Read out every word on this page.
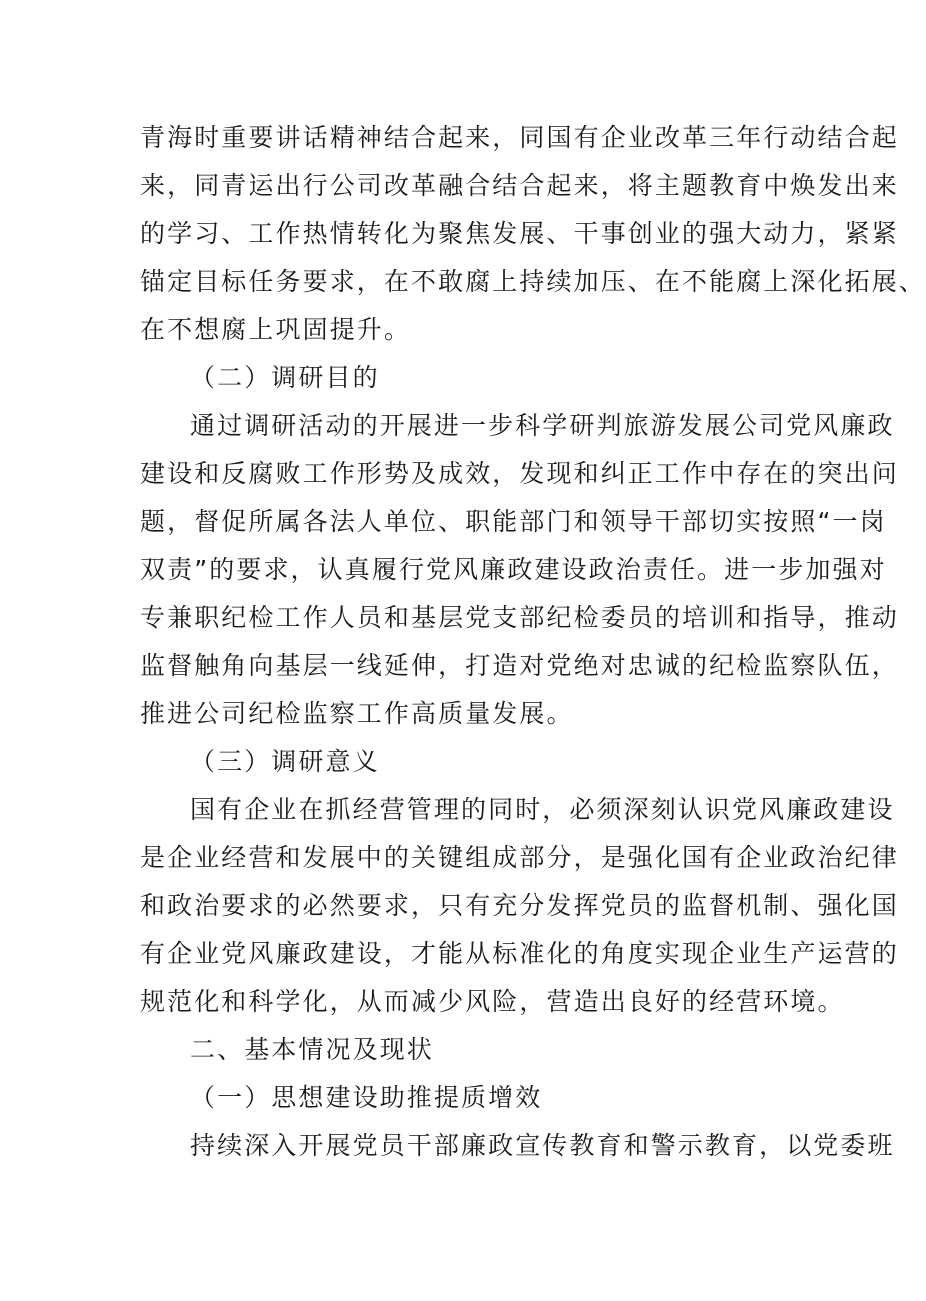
青海时重要讲话精神结合起来，同国有企业改革三年行动结合起
来，同青运出行公司改革融合结合起来，将主题教育中焕发出来
的学习、工作热情转化为聚焦发展、干事创业的强大动力，紧紧
锚定目标任务要求，在不敢腐上持续加压、在不能腐上深化拓展、
在不想腐上巩固提升。
（二）调研目的
通过调研活动的开展进一步科学研判旅游发展公司党风廉政
建设和反腐败工作形势及成效，发现和纠正工作中存在的突出问
题，督促所属各法人单位、职能部门和领导干部切实按照“一岗
双责”的要求，认真履行党风廉政建设政治责任。进一步加强对
专兼职纪检工作人员和基层党支部纪检委员的培训和指导，推动
监督触角向基层一线延伸，打造对党绝对忠诚的纪检监察队伍，
推进公司纪检监察工作高质量发展。
（三）调研意义
国有企业在抓经营管理的同时，必须深刻认识党风廉政建设
是企业经营和发展中的关键组成部分，是强化国有企业政治纪律
和政治要求的必然要求，只有充分发挥党员的监督机制、强化国
有企业党风廉政建设，才能从标准化的角度实现企业生产运营的
规范化和科学化，从而减少风险，营造出良好的经营环境。
二、基本情况及现状
（一）思想建设助推提质增效
持续深入开展党员干部廉政宣传教育和警示教育，以党委班
